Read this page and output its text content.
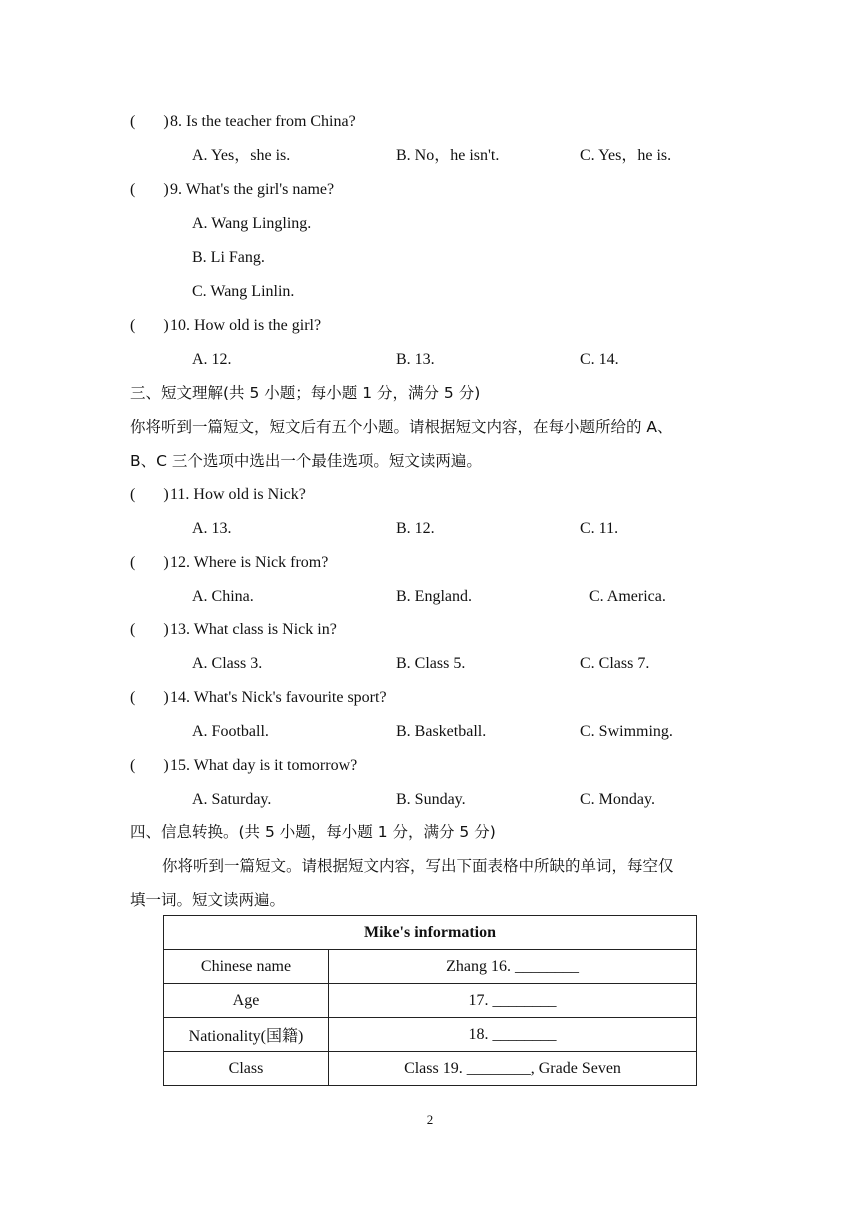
( )8. Is the teacher from China?
A. Yes，she is.	B. No，he isn't.	C. Yes，he is.
( )9. What's the girl's name?
A. Wang Lingling.
B. Li Fang.
C. Wang Linlin.
( )10. How old is the girl?
A. 12.	B. 13.	C. 14.
三、短文理解(共 5 小题；每小题 1 分，满分 5 分)
你将听到一篇短文，短文后有五个小题。请根据短文内容，在每小题所给的 A、
B、C 三个选项中选出一个最佳选项。短文读两遍。
( )11. How old is Nick?
A. 13.	B. 12.	C. 11.
( )12. Where is Nick from?
A. China.	B. England.	C. America.
( )13. What class is Nick in?
A. Class 3.	B. Class 5.	C. Class 7.
( )14. What's Nick's favourite sport?
A. Football.	B. Basketball.	C. Swimming.
( )15. What day is it tomorrow?
A. Saturday.	B. Sunday.	C. Monday.
四、信息转换。(共 5 小题，每小题 1 分，满分 5 分)
你将听到一篇短文。请根据短文内容，写出下面表格中所缺的单词，每空仅
填一词。短文读两遍。
Mike's information	
Chinese name	Zhang 16. ________
Age	17. ________
Nationality(国籍)	18. ________
Class	Class 19. ________, Grade Seven
2
